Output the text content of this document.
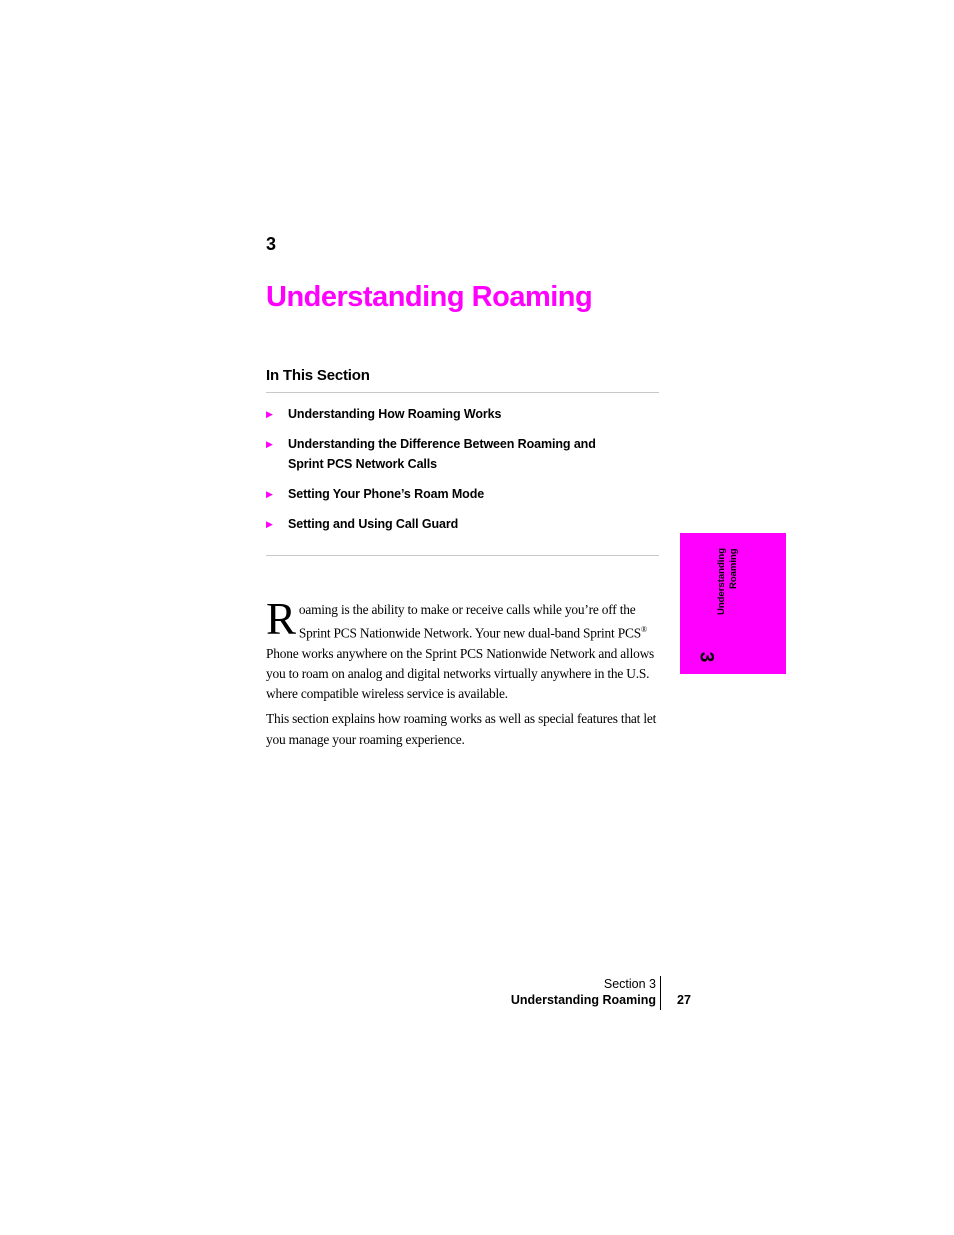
3
Understanding Roaming
In This Section
▶ Understanding How Roaming Works
▶ Understanding the Difference Between Roaming and
Sprint PCS Network Calls
▶ Setting Your Phone’s Roam Mode
▶ Setting and Using Call Guard

Roaming is the ability to make or receive calls while you’re off the Sprint PCS Nationwide Network. Your new dual-band Sprint PCS® Phone works anywhere on the Sprint PCS Nationwide Network and allows you to roam on analog and digital networks virtually anywhere in the U.S. where compatible wireless service is available.

This section explains how roaming works as well as special features that let you manage your roaming experience.

Understanding
Roaming
3
Section 3
Understanding Roaming 27
